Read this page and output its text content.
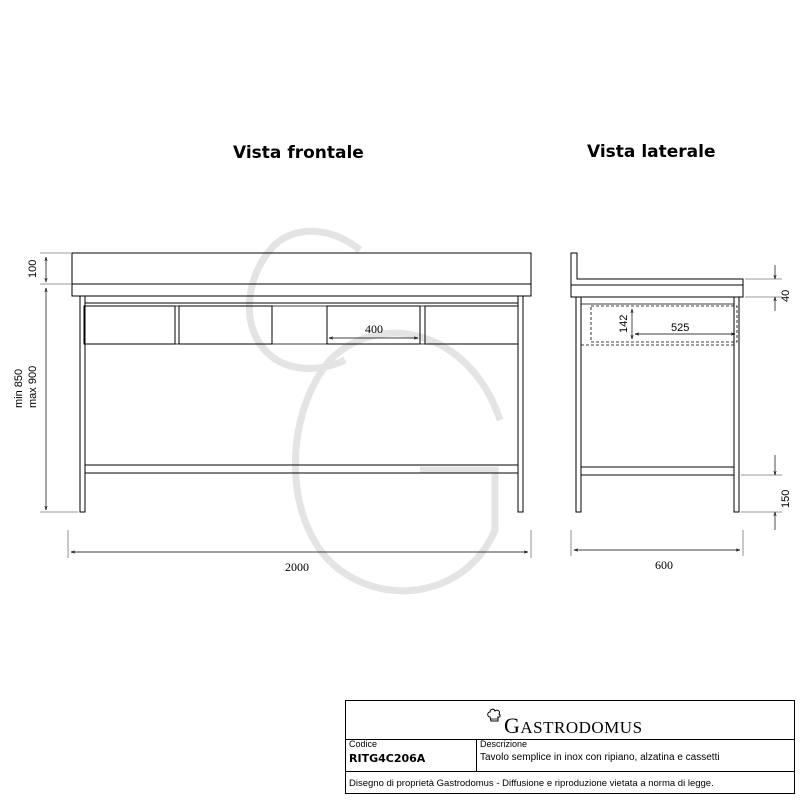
Vista frontale	Vista laterale
400
100
min 850 max 900
2000
142	525
40
150
600
GASTRODOMUS
Codice
RITG4C206A
Descrizione
Tavolo semplice in inox con ripiano, alzatina e cassetti
Disegno di proprietà Gastrodomus - Diffusione e riproduzione vietata a norma di legge.
